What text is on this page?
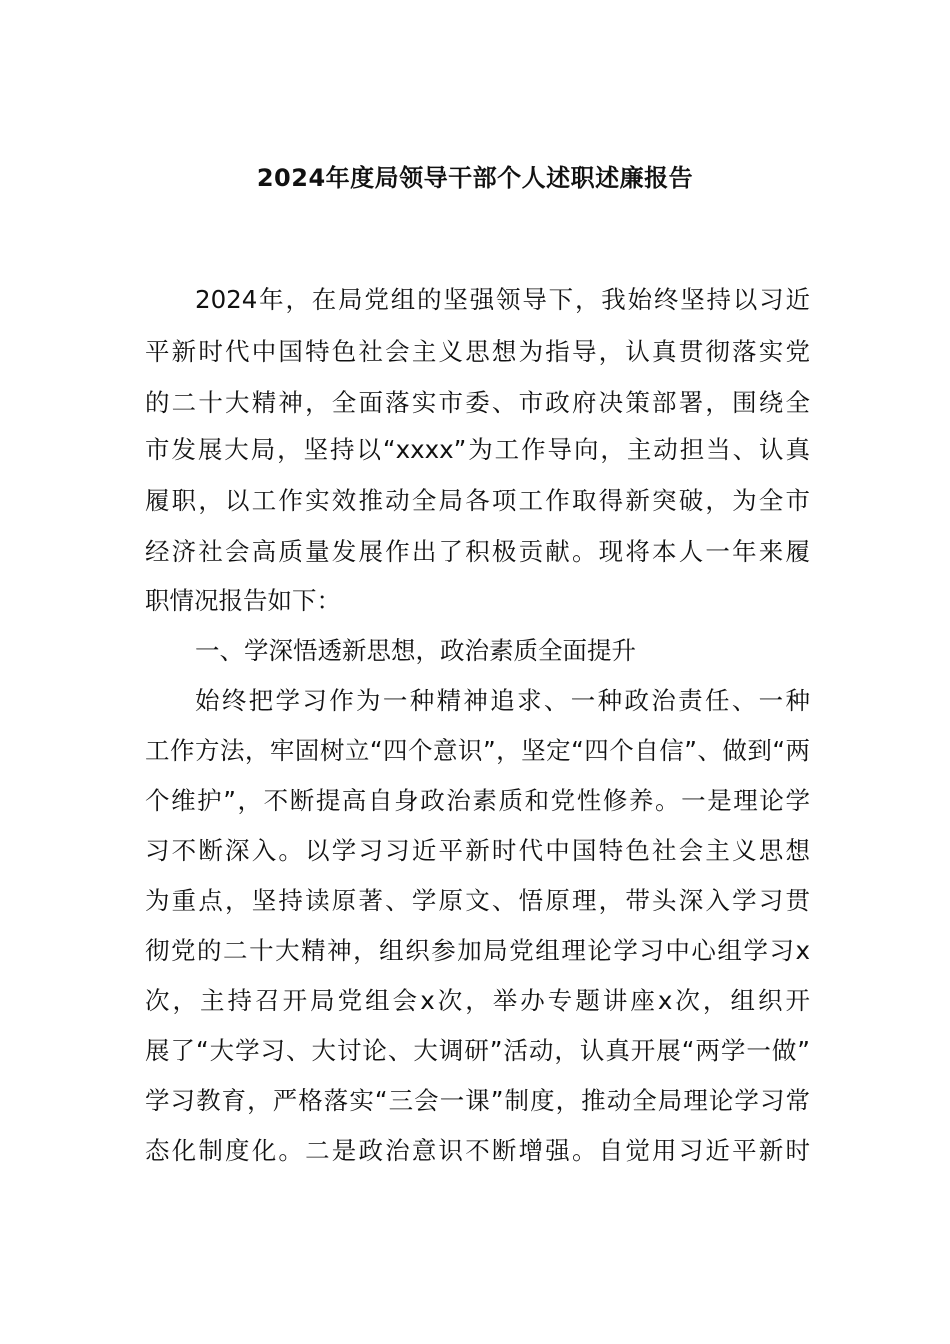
2024年度局领导干部个人述职述廉报告
2024年，在局党组的坚强领导下，我始终坚持以习近
平新时代中国特色社会主义思想为指导，认真贯彻落实党
的二十大精神，全面落实市委、市政府决策部署，围绕全
市发展大局，坚持以“xxxx”为工作导向，主动担当、认真
履职，以工作实效推动全局各项工作取得新突破，为全市
经济社会高质量发展作出了积极贡献。现将本人一年来履
职情况报告如下：
一、学深悟透新思想，政治素质全面提升
始终把学习作为一种精神追求、一种政治责任、一种
工作方法，牢固树立“四个意识”，坚定“四个自信”、做到“两
个维护”，不断提高自身政治素质和党性修养。一是理论学
习不断深入。以学习习近平新时代中国特色社会主义思想
为重点，坚持读原著、学原文、悟原理，带头深入学习贯
彻党的二十大精神，组织参加局党组理论学习中心组学习x
次，主持召开局党组会x次，举办专题讲座x次，组织开
展了“大学习、大讨论、大调研”活动，认真开展“两学一做”
学习教育，严格落实“三会一课”制度，推动全局理论学习常
态化制度化。二是政治意识不断增强。自觉用习近平新时
